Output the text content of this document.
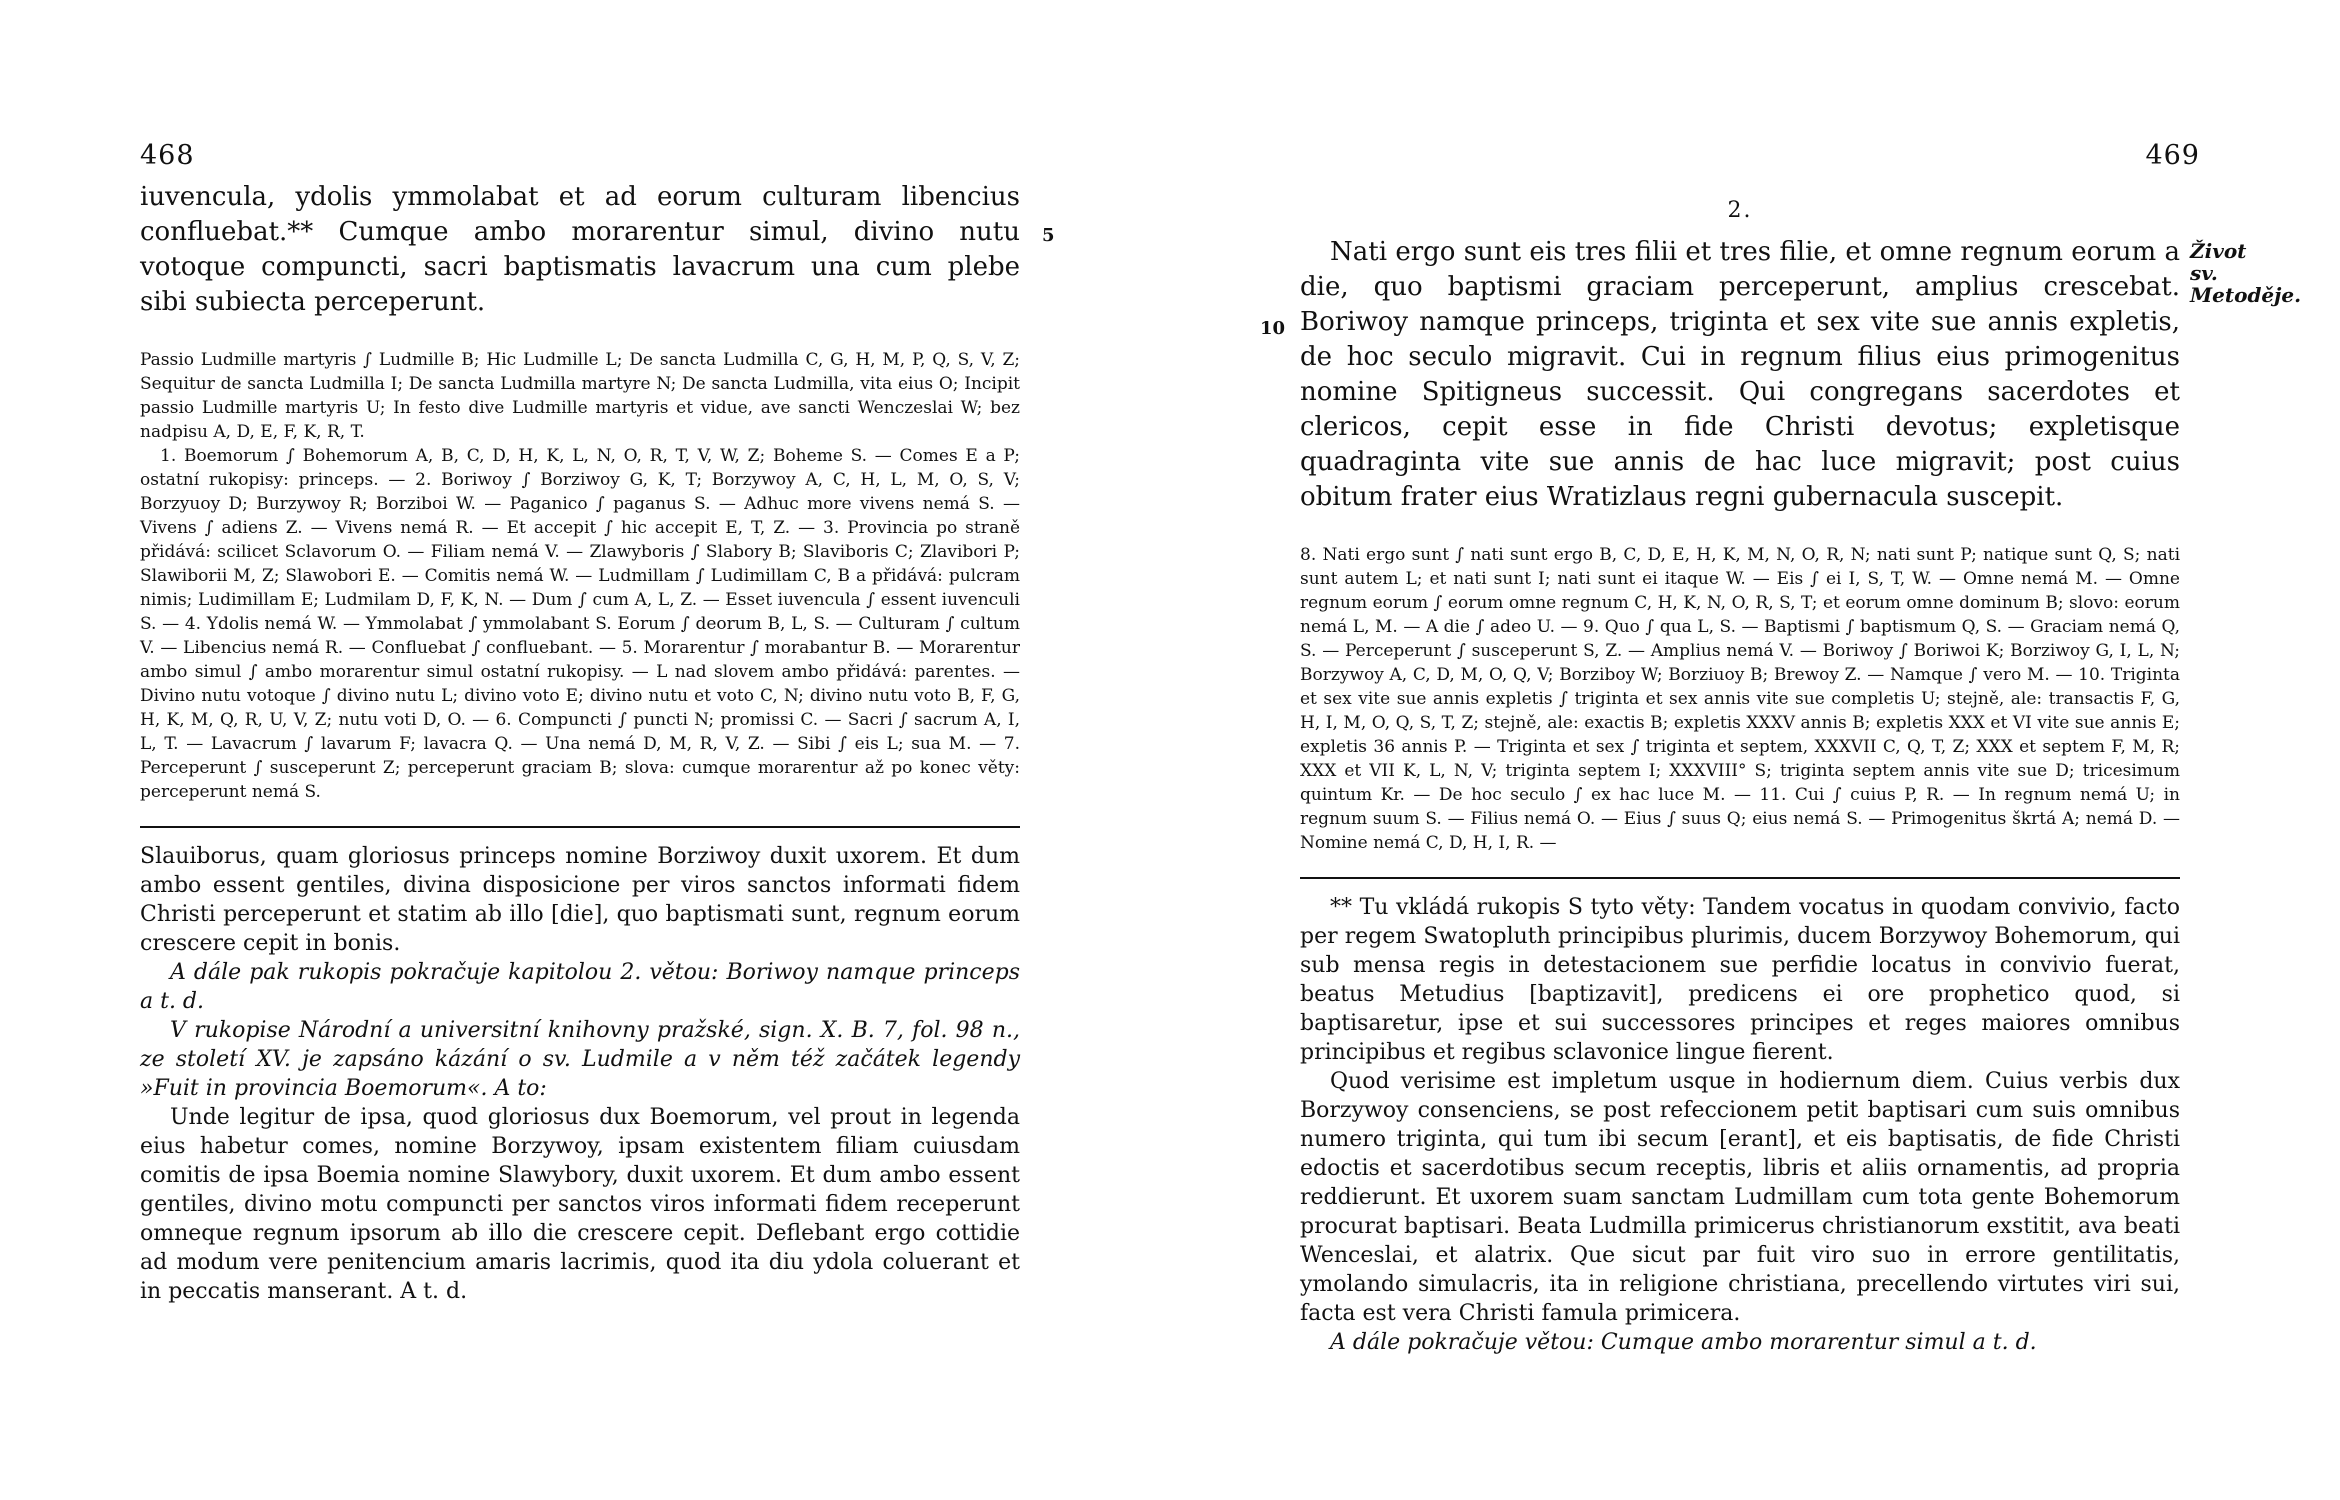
468
5

iuvencula, ydolis ymmolabat et ad eorum culturam libencius confluebat.** Cumque ambo morarentur simul, divino nutu votoque compuncti, sacri baptismatis lavacrum una cum plebe sibi subiecta perceperunt.

Passio Ludmille martyris ∫ Ludmille B; Hic Ludmille L; De sancta Ludmilla C, G, H, M, P, Q, S, V, Z; Sequitur de sancta Ludmilla I; De sancta Ludmilla martyre N; De sancta Ludmilla, vita eius O; Incipit passio Ludmille martyris U; In festo dive Ludmille martyris et vidue, ave sancti Wenczeslai W; bez nadpisu A, D, E, F, K, R, T.

1. Boemorum ∫ Bohemorum A, B, C, D, H, K, L, N, O, R, T, V, W, Z; Boheme S. — Comes E a P; ostatní rukopisy: princeps. — 2. Boriwoy ∫ Borziwoy G, K, T; Borzywoy A, C, H, L, M, O, S, V; Borzyuoy D; Burzywoy R; Borziboi W. — Paganico ∫ paganus S. — Adhuc more vivens nemá S. — Vivens ∫ adiens Z. — Vivens nemá R. — Et accepit ∫ hic accepit E, T, Z. — 3. Provincia po straně přidává: scilicet Sclavorum O. — Filiam nemá V. — Zlawyboris ∫ Slabory B; Slaviboris C; Zlavibori P; Slawiborii M, Z; Slawobori E. — Comitis nemá W. — Ludmillam ∫ Ludimillam C, B a přidává: pulcram nimis; Ludimillam E; Ludmilam D, F, K, N. — Dum ∫ cum A, L, Z. — Esset iuvencula ∫ essent iuvenculi S. — 4. Ydolis nemá W. — Ymmolabat ∫ ymmolabant S. Eorum ∫ deorum B, L, S. — Culturam ∫ cultum V. — Libencius nemá R. — Confluebat ∫ confluebant. — 5. Morarentur ∫ morabantur B. — Morarentur ambo simul ∫ ambo morarentur simul ostatní rukopisy. — L nad slovem ambo přidává: parentes. — Divino nutu votoque ∫ divino nutu L; divino voto E; divino nutu et voto C, N; divino nutu voto B, F, G, H, K, M, Q, R, U, V, Z; nutu voti D, O. — 6. Compuncti ∫ puncti N; promissi C. — Sacri ∫ sacrum A, I, L, T. — Lavacrum ∫ lavarum F; lavacra Q. — Una nemá D, M, R, V, Z. — Sibi ∫ eis L; sua M. — 7. Perceperunt ∫ susceperunt Z; perceperunt graciam B; slova: cumque morarentur až po konec věty: perceperunt nemá S.

Slauiborus, quam gloriosus princeps nomine Borziwoy duxit uxorem. Et dum ambo essent gentiles, divina disposicione per viros sanctos informati fidem Christi perceperunt et statim ab illo [die], quo baptismati sunt, regnum eorum crescere cepit in bonis.

A dále pak rukopis pokračuje kapitolou 2. větou: Boriwoy namque princeps a t. d.

V rukopise Národní a universitní knihovny pražské, sign. X. B. 7, fol. 98 n., ze století XV. je zapsáno kázání o sv. Ludmile a v něm též začátek legendy »Fuit in provincia Boemorum«. A to:

Unde legitur de ipsa, quod gloriosus dux Boemorum, vel prout in legenda eius habetur comes, nomine Borzywoy, ipsam existentem filiam cuiusdam comitis de ipsa Boemia nomine Slawybory, duxit uxorem. Et dum ambo essent gentiles, divino motu compuncti per sanctos viros informati fidem receperunt omneque regnum ipsorum ab illo die crescere cepit. Deflebant ergo cottidie ad modum vere penitencium amaris lacrimis, quod ita diu ydola coluerant et in peccatis manserant. A t. d.

469
10
Život sv. Metoděje.
2.

Nati ergo sunt eis tres filii et tres filie, et omne regnum eorum a die, quo baptismi graciam perceperunt, amplius crescebat. Boriwoy namque princeps, triginta et sex vite sue annis expletis, de hoc seculo migravit. Cui in regnum filius eius primogenitus nomine Spitigneus successit. Qui congregans sacerdotes et clericos, cepit esse in fide Christi devotus; expletisque quadraginta vite sue annis de hac luce migravit; post cuius obitum frater eius Wratizlaus regni gubernacula suscepit.

8. Nati ergo sunt ∫ nati sunt ergo B, C, D, E, H, K, M, N, O, R, N; nati sunt P; natique sunt Q, S; nati sunt autem L; et nati sunt I; nati sunt ei itaque W. — Eis ∫ ei I, S, T, W. — Omne nemá M. — Omne regnum eorum ∫ eorum omne regnum C, H, K, N, O, R, S, T; et eorum omne dominum B; slovo: eorum nemá L, M. — A die ∫ adeo U. — 9. Quo ∫ qua L, S. — Baptismi ∫ baptismum Q, S. — Graciam nemá Q, S. — Perceperunt ∫ susceperunt S, Z. — Amplius nemá V. — Boriwoy ∫ Boriwoi K; Borziwoy G, I, L, N; Borzywoy A, C, D, M, O, Q, V; Borziboy W; Borziuoy B; Brewoy Z. — Namque ∫ vero M. — 10. Triginta et sex vite sue annis expletis ∫ triginta et sex annis vite sue completis U; stejně, ale: transactis F, G, H, I, M, O, Q, S, T, Z; stejně, ale: exactis B; expletis XXXV annis B; expletis XXX et VI vite sue annis E; expletis 36 annis P. — Triginta et sex ∫ triginta et septem, XXXVII C, Q, T, Z; XXX et septem F, M, R; XXX et VII K, L, N, V; triginta septem I; XXXVIII° S; triginta septem annis vite sue D; tricesimum quintum Kr. — De hoc seculo ∫ ex hac luce M. — 11. Cui ∫ cuius P, R. — In regnum nemá U; in regnum suum S. — Filius nemá O. — Eius ∫ suus Q; eius nemá S. — Primogenitus škrtá A; nemá D. — Nomine nemá C, D, H, I, R. —

** Tu vkládá rukopis S tyto věty: Tandem vocatus in quodam convivio, facto per regem Swatopluth principibus plurimis, ducem Borzywoy Bohemorum, qui sub mensa regis in detestacionem sue perfidie locatus in convivio fuerat, beatus Metudius [baptizavit], predicens ei ore prophetico quod, si baptisaretur, ipse et sui successores principes et reges maiores omnibus principibus et regibus sclavonice lingue fierent.

Quod verisime est impletum usque in hodiernum diem. Cuius verbis dux Borzywoy consenciens, se post refeccionem petit baptisari cum suis omnibus numero triginta, qui tum ibi secum [erant], et eis baptisatis, de fide Christi edoctis et sacerdotibus secum receptis, libris et aliis ornamentis, ad propria reddierunt. Et uxorem suam sanctam Ludmillam cum tota gente Bohemorum procurat baptisari. Beata Ludmilla primicerus christianorum exstitit, ava beati Wenceslai, et alatrix. Que sicut par fuit viro suo in errore gentilitatis, ymolando simulacris, ita in religione christiana, precellendo virtutes viri sui, facta est vera Christi famula primicera.

A dále pokračuje větou: Cumque ambo morarentur simul a t. d.
